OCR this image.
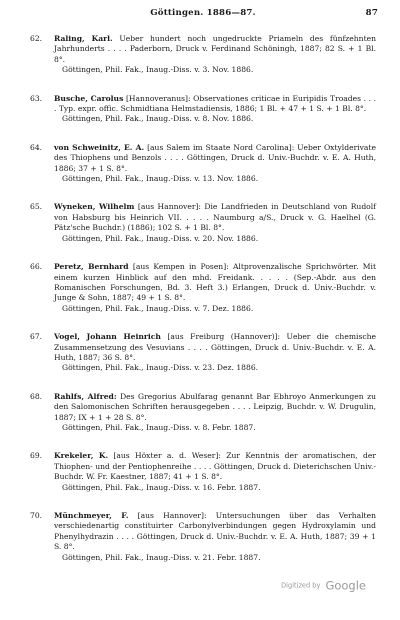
Göttingen. 1886—87.	87
62. Raling, Karl. Ueber hundert noch ungedruckte Priameln des fünfzehnten Jahrhunderts . . . . Paderborn, Druck v. Ferdinand Schöningh, 1887; 82 S. + 1 Bl. 8°.
Göttingen, Phil. Fak., Inaug.-Diss. v. 3. Nov. 1886.
63. Busche, Carolus [Hannoveranus]: Observationes criticae in Euripidis Troades . . . . Typ. expr. offic. Schmidtiana Helmstadiensis, 1886; 1 Bl. + 47 + 1 S. + 1 Bl. 8°.
Göttingen, Phil. Fak., Inaug.-Diss. v. 8. Nov. 1886.
64. von Schweinitz, E. A. [aus Salem im Staate Nord Carolina]: Ueber Oxtylderivate des Thiophens und Benzols . . . . Göttingen, Druck d. Univ.-Buchdr. v. E. A. Huth, 1886; 37 + 1 S. 8°.
Göttingen, Phil. Fak., Inaug.-Diss. v. 13. Nov. 1886.
65. Wyneken, Wilhelm [aus Hannover]: Die Landfrieden in Deutschland von Rudolf von Habsburg bis Heinrich VII. . . . . Naumburg a/S., Druck v. G. Haelhel (G. Pätz'sche Buchdr.) (1886); 102 S. + 1 Bl. 8°.
Göttingen, Phil. Fak., Inaug.-Diss. v. 20. Nov. 1886.
66. Peretz, Bernhard [aus Kempen in Posen]: Altprovenzalische Sprichwörter. Mit einem kurzen Hinblick auf den mhd. Freidank. . . . . (Sep.-Abdr. aus den Romanischen Forschungen, Bd. 3. Heft 3.) Erlangen, Druck d. Univ.-Buchdr. v. Junge & Sohn, 1887; 49 + 1 S. 8°.
Göttingen, Phil. Fak., Inaug.-Diss. v. 7. Dez. 1886.
67. Vogel, Johann Heinrich [aus Freiburg (Hannover)]: Ueber die chemische Zusammensetzung des Vesuvians . . . . Göttingen, Druck d. Univ.-Buchdr. v. E. A. Huth, 1887; 36 S. 8°.
Göttingen, Phil. Fak., Inaug.-Diss. v. 23. Dez. 1886.
68. Rahlfs, Alfred: Des Gregorius Abulfarag genannt Bar Ebhroyo Anmerkungen zu den Salomonischen Schriften herausgegeben . . . . Leipzig, Buchdr. v. W. Drugulin, 1887; IX + 1 + 28 S. 8°.
Göttingen, Phil. Fak., Inaug.-Diss. v. 8. Febr. 1887.
69. Krekeler, K. [aus Höxter a. d. Weser]: Zur Kenntnis der aromatischen, der Thiophen- und der Pentiophenreihe . . . . Göttingen, Druck d. Dieterichschen Univ.-Buchdr. W. Fr. Kaestner, 1887; 41 + 1 S. 8°.
Göttingen, Phil. Fak., Inaug.-Diss. v. 16. Febr. 1887.
70. Münchmeyer, F. [aus Hannover]: Untersuchungen über das Verhalten verschiedenartig constituirter Carbonylverbindungen gegen Hydroxylamin und Phenylhydrazin . . . . Göttingen, Druck d. Univ.-Buchdr. v. E. A. Huth, 1887; 39 + 1 S. 8°.
Göttingen, Phil. Fak., Inaug.-Diss. v. 21. Febr. 1887.
Digitized by Google
